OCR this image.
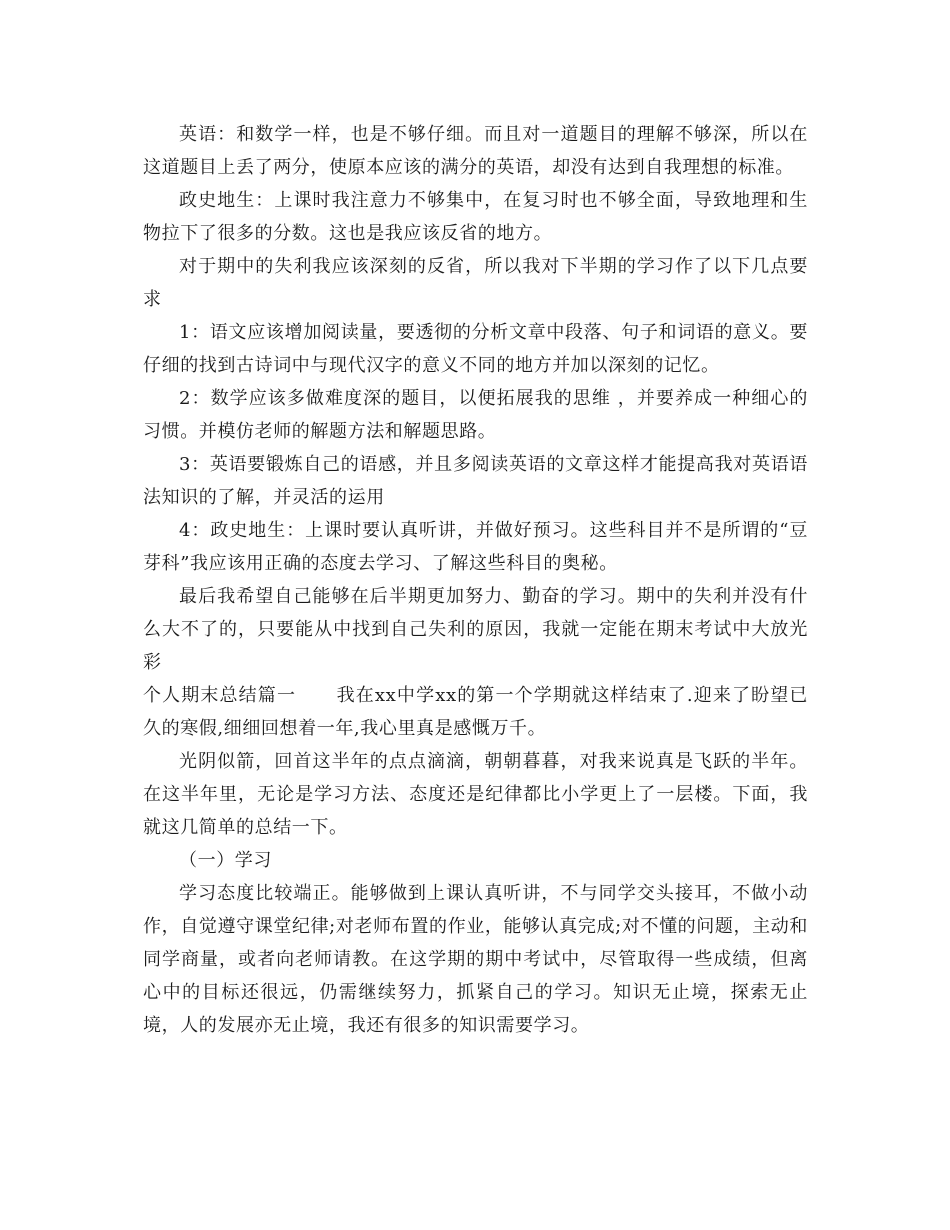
英语：和数学一样，也是不够仔细。而且对一道题目的理解不够深，所以在这道题目上丢了两分，使原本应该的满分的英语，却没有达到自我理想的标准。

政史地生：上课时我注意力不够集中，在复习时也不够全面，导致地理和生物拉下了很多的分数。这也是我应该反省的地方。

对于期中的失利我应该深刻的反省，所以我对下半期的学习作了以下几点要求

1：语文应该增加阅读量，要透彻的分析文章中段落、句子和词语的意义。要仔细的找到古诗词中与现代汉字的意义不同的地方并加以深刻的记忆。

2：数学应该多做难度深的题目，以便拓展我的思维 ，并要养成一种细心的习惯。并模仿老师的解题方法和解题思路。

3：英语要锻炼自己的语感，并且多阅读英语的文章这样才能提高我对英语语法知识的了解，并灵活的运用

4：政史地生：上课时要认真听讲，并做好预习。这些科目并不是所谓的“豆芽科”我应该用正确的态度去学习、了解这些科目的奥秘。

最后我希望自己能够在后半期更加努力、勤奋的学习。期中的失利并没有什么大不了的，只要能从中找到自己失利的原因，我就一定能在期末考试中大放光彩

个人期末总结篇一 我在xx中学xx的第一个学期就这样结束了.迎来了盼望已久的寒假,细细回想着一年,我心里真是感慨万千。

光阴似箭，回首这半年的点点滴滴，朝朝暮暮，对我来说真是飞跃的半年。在这半年里，无论是学习方法、态度还是纪律都比小学更上了一层楼。下面，我就这几简单的总结一下。

（一）学习

学习态度比较端正。能够做到上课认真听讲，不与同学交头接耳，不做小动作，自觉遵守课堂纪律;对老师布置的作业，能够认真完成;对不懂的问题，主动和同学商量，或者向老师请教。在这学期的期中考试中，尽管取得一些成绩，但离心中的目标还很远，仍需继续努力，抓紧自己的学习。知识无止境，探索无止境，人的发展亦无止境，我还有很多的知识需要学习。
